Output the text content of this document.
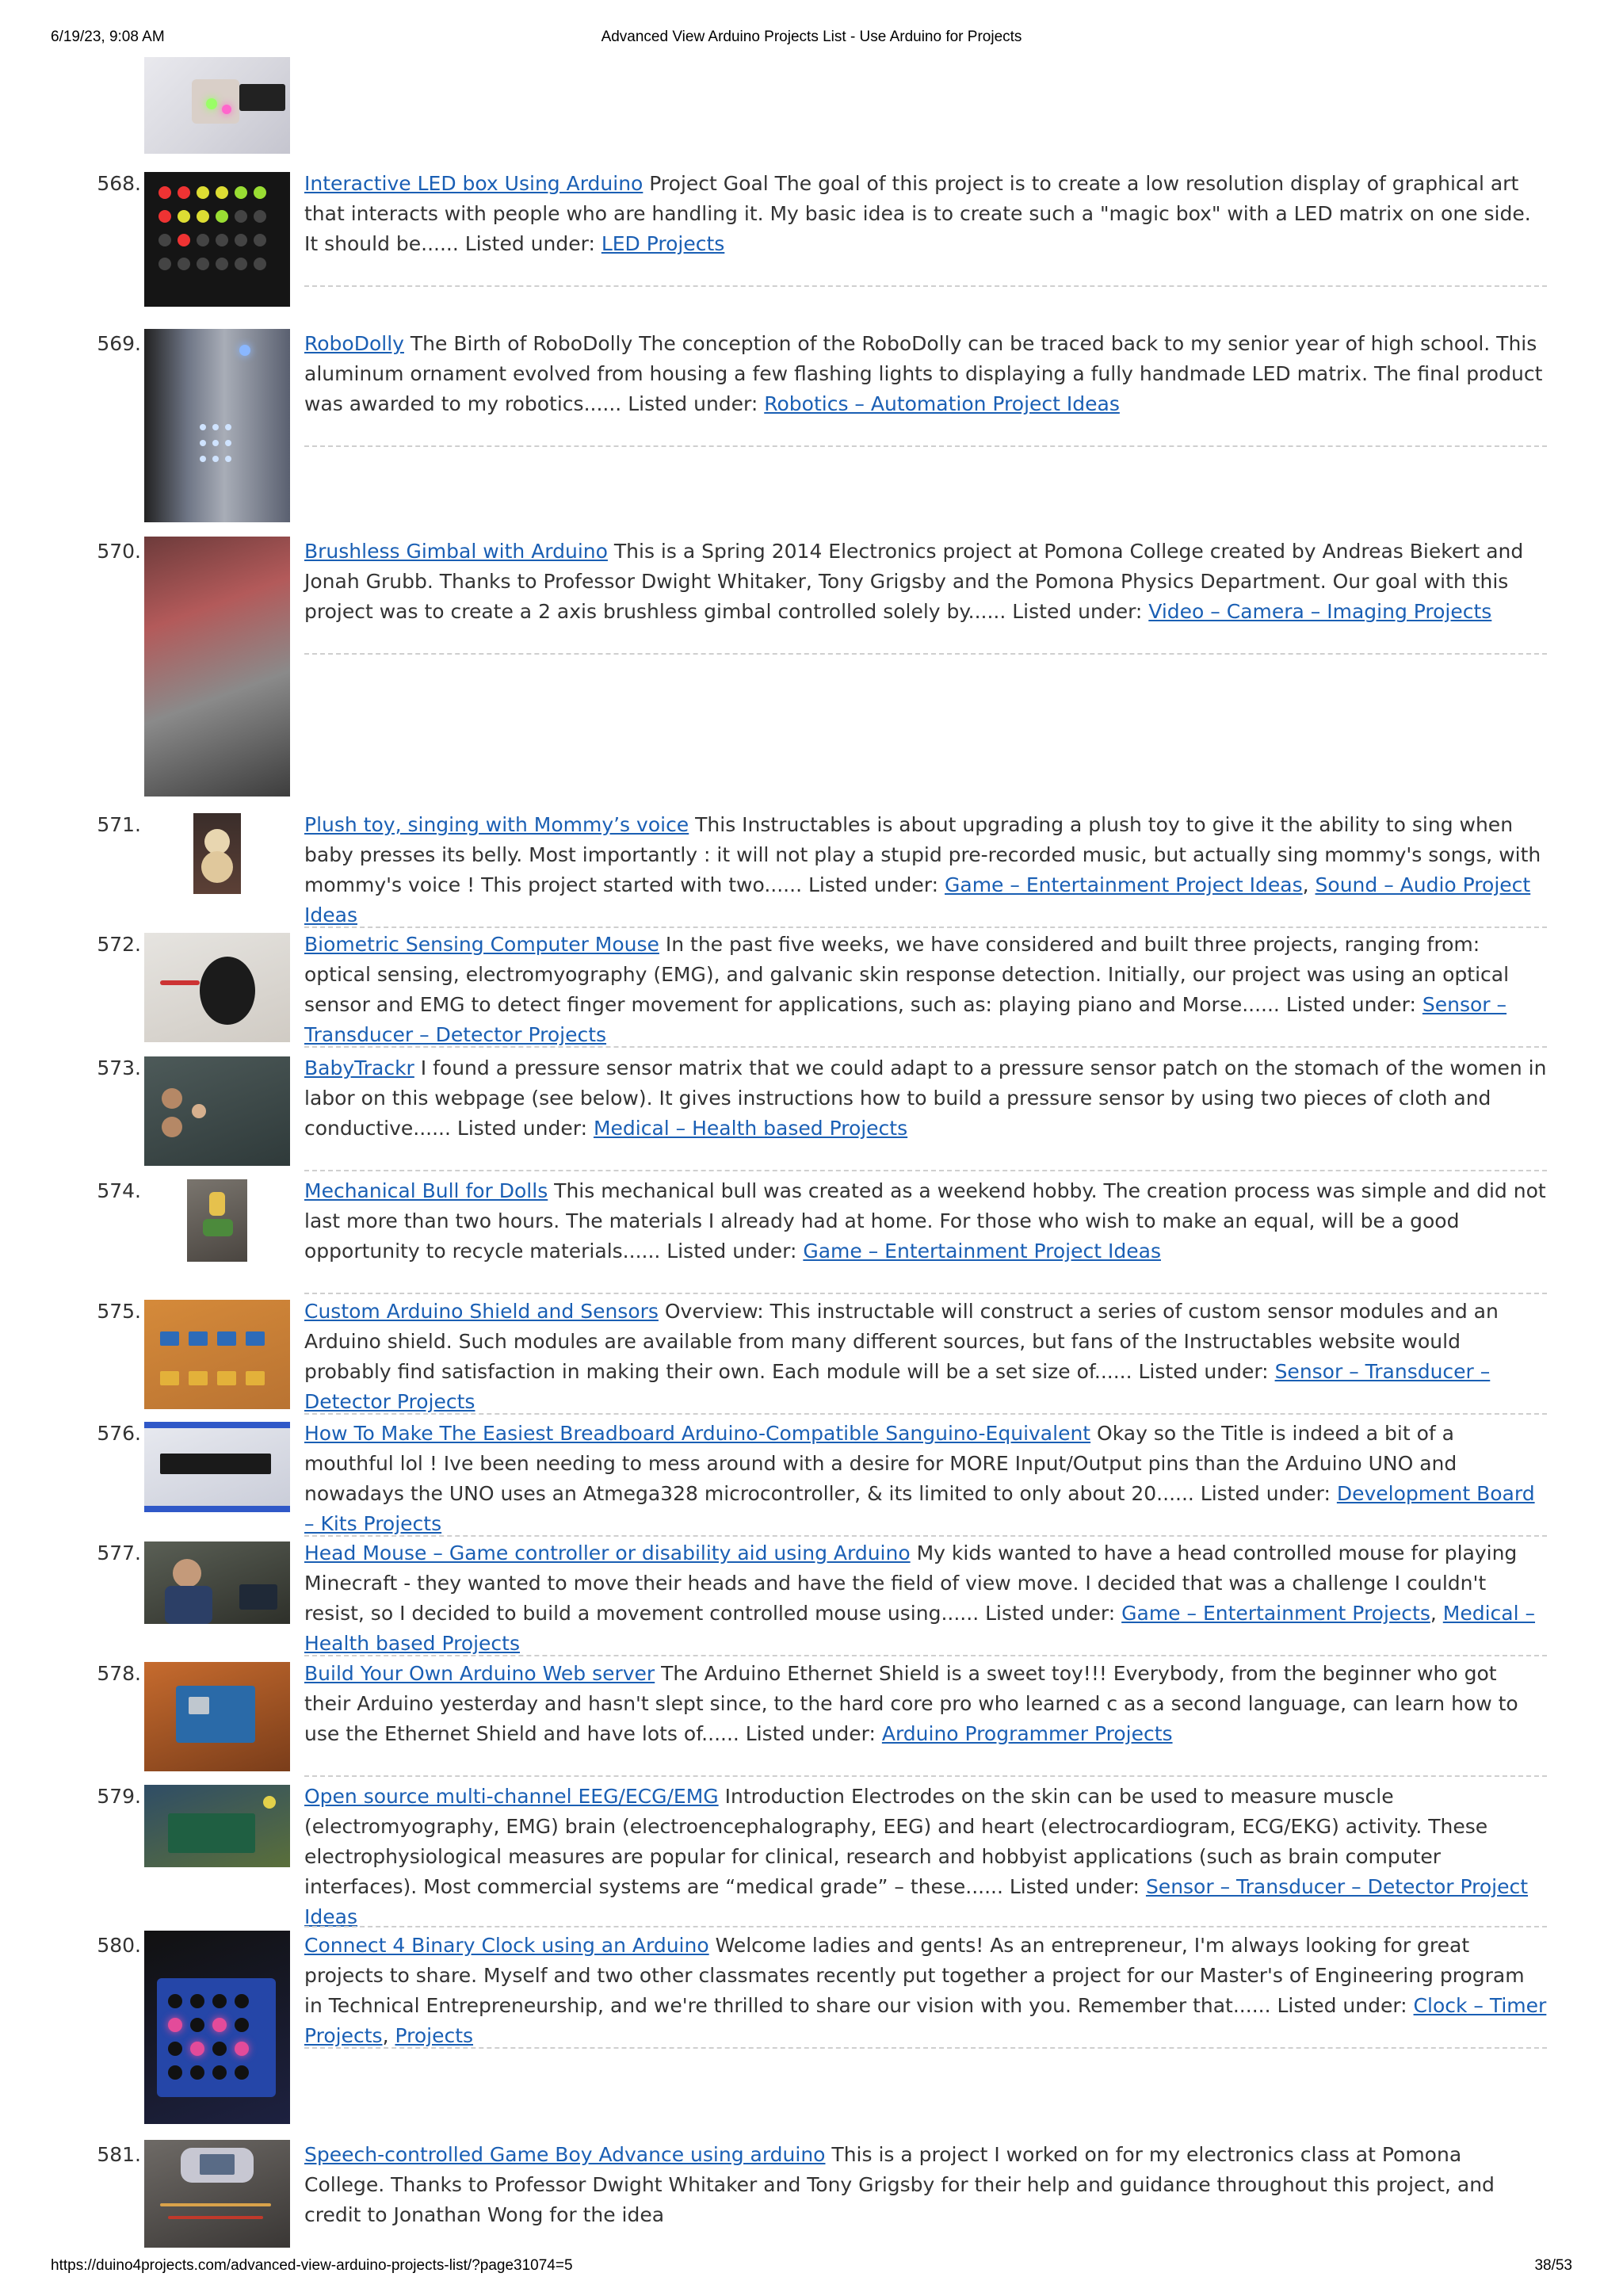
6/19/23, 9:08 AM	Advanced View Arduino Projects List - Use Arduino for Projects
568.	Interactive LED box Using Arduino Project Goal The goal of this project is to create a low resolution display of graphical art that interacts with people who are handling it. My basic idea is to create such a "magic box" with a LED matrix on one side. It should be...... Listed under: LED Projects
569.	RoboDolly The Birth of RoboDolly The conception of the RoboDolly can be traced back to my senior year of high school. This aluminum ornament evolved from housing a few flashing lights to displaying a fully handmade LED matrix. The final product was awarded to my robotics...... Listed under: Robotics – Automation Project Ideas
570.	Brushless Gimbal with Arduino This is a Spring 2014 Electronics project at Pomona College created by Andreas Biekert and Jonah Grubb. Thanks to Professor Dwight Whitaker, Tony Grigsby and the Pomona Physics Department. Our goal with this project was to create a 2 axis brushless gimbal controlled solely by...... Listed under: Video – Camera – Imaging Projects
571.	Plush toy, singing with Mommy’s voice This Instructables is about upgrading a plush toy to give it the ability to sing when baby presses its belly. Most importantly : it will not play a stupid pre-recorded music, but actually sing mommy's songs, with mommy's voice ! This project started with two...... Listed under: Game – Entertainment Project Ideas, Sound – Audio Project Ideas
572.	Biometric Sensing Computer Mouse In the past five weeks, we have considered and built three projects, ranging from: optical sensing, electromyography (EMG), and galvanic skin response detection. Initially, our project was using an optical sensor and EMG to detect finger movement for applications, such as: playing piano and Morse...... Listed under: Sensor – Transducer – Detector Projects
573.	BabyTrackr I found a pressure sensor matrix that we could adapt to a pressure sensor patch on the stomach of the women in labor on this webpage (see below). It gives instructions how to build a pressure sensor by using two pieces of cloth and conductive...... Listed under: Medical – Health based Projects
574.	Mechanical Bull for Dolls This mechanical bull was created as a weekend hobby. The creation process was simple and did not last more than two hours. The materials I already had at home. For those who wish to make an equal, will be a good opportunity to recycle materials...... Listed under: Game – Entertainment Project Ideas
575.	Custom Arduino Shield and Sensors Overview: This instructable will construct a series of custom sensor modules and an Arduino shield. Such modules are available from many different sources, but fans of the Instructables website would probably find satisfaction in making their own. Each module will be a set size of...... Listed under: Sensor – Transducer – Detector Projects
576.	How To Make The Easiest Breadboard Arduino-Compatible Sanguino-Equivalent Okay so the Title is indeed a bit of a mouthful lol ! Ive been needing to mess around with a desire for MORE Input/Output pins than the Arduino UNO and nowadays the UNO uses an Atmega328 microcontroller, & its limited to only about 20...... Listed under: Development Board – Kits Projects
577.	Head Mouse – Game controller or disability aid using Arduino My kids wanted to have a head controlled mouse for playing Minecraft - they wanted to move their heads and have the field of view move. I decided that was a challenge I couldn't resist, so I decided to build a movement controlled mouse using...... Listed under: Game – Entertainment Projects, Medical – Health based Projects
578.	Build Your Own Arduino Web server The Arduino Ethernet Shield is a sweet toy!!! Everybody, from the beginner who got their Arduino yesterday and hasn't slept since, to the hard core pro who learned c as a second language, can learn how to use the Ethernet Shield and have lots of...... Listed under: Arduino Programmer Projects
579.	Open source multi-channel EEG/ECG/EMG Introduction Electrodes on the skin can be used to measure muscle (electromyography, EMG) brain (electroencephalography, EEG) and heart (electrocardiogram, ECG/EKG) activity. These electrophysiological measures are popular for clinical, research and hobbyist applications (such as brain computer interfaces). Most commercial systems are “medical grade” – these...... Listed under: Sensor – Transducer – Detector Project Ideas
580.	Connect 4 Binary Clock using an Arduino Welcome ladies and gents! As an entrepreneur, I'm always looking for great projects to share. Myself and two other classmates recently put together a project for our Master's of Engineering program in Technical Entrepreneurship, and we're thrilled to share our vision with you. Remember that...... Listed under: Clock – Timer Projects, Projects
581.	Speech-controlled Game Boy Advance using arduino This is a project I worked on for my electronics class at Pomona College. Thanks to Professor Dwight Whitaker and Tony Grigsby for their help and guidance throughout this project, and credit to Jonathan Wong for the idea
https://duino4projects.com/advanced-view-arduino-projects-list/?page31074=5	38/53
